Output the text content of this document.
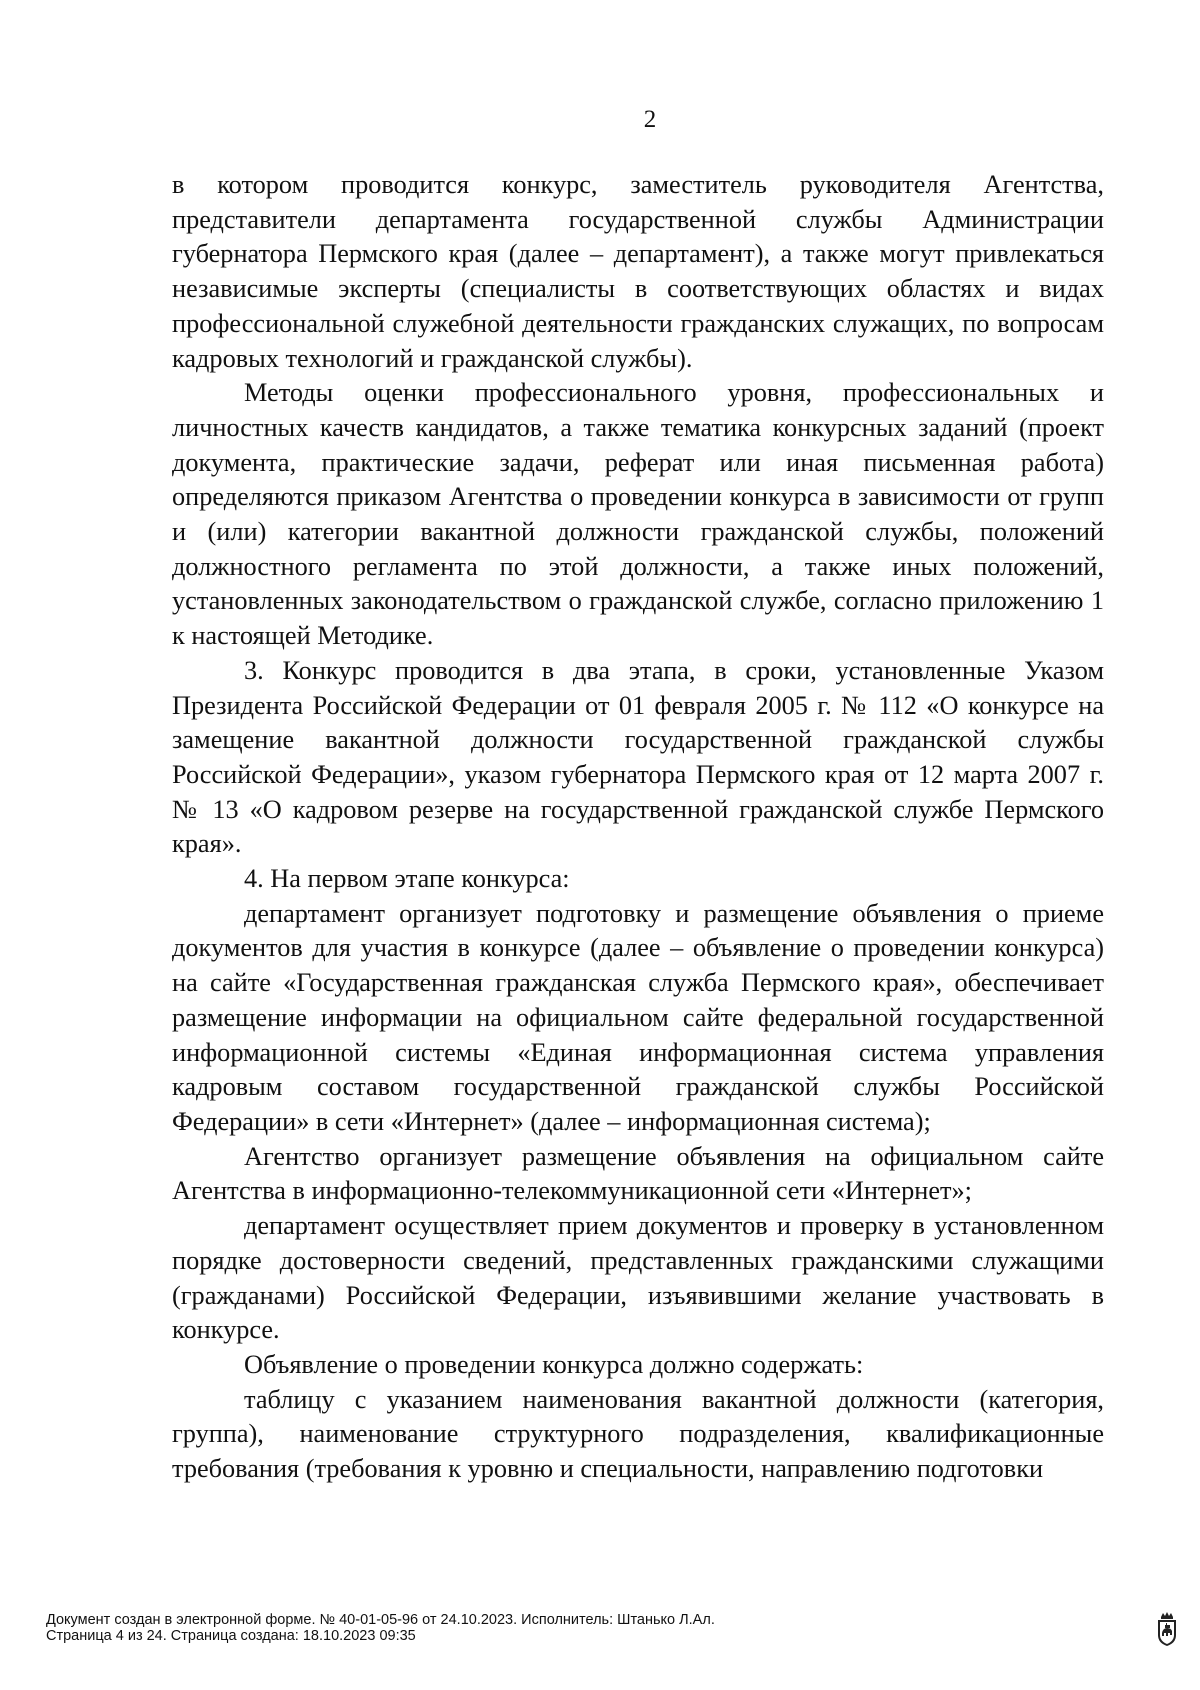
2

в котором проводится конкурс, заместитель руководителя Агентства, представители департамента государственной службы Администрации губернатора Пермского края (далее – департамент), а также могут привлекаться независимые эксперты (специалисты в соответствующих областях и видах профессиональной служебной деятельности гражданских служащих, по вопросам кадровых технологий и гражданской службы).

Методы оценки профессионального уровня, профессиональных и личностных качеств кандидатов, а также тематика конкурсных заданий (проект документа, практические задачи, реферат или иная письменная работа) определяются приказом Агентства о проведении конкурса в зависимости от групп и (или) категории вакантной должности гражданской службы, положений должностного регламента по этой должности, а также иных положений, установленных законодательством о гражданской службе, согласно приложению 1 к настоящей Методике.

3. Конкурс проводится в два этапа, в сроки, установленные Указом Президента Российской Федерации от 01 февраля 2005 г. № 112 «О конкурсе на замещение вакантной должности государственной гражданской службы Российской Федерации», указом губернатора Пермского края от 12 марта 2007 г. № 13 «О кадровом резерве на государственной гражданской службе Пермского края».

4. На первом этапе конкурса:

департамент организует подготовку и размещение объявления о приеме документов для участия в конкурсе (далее – объявление о проведении конкурса) на сайте «Государственная гражданская служба Пермского края», обеспечивает размещение информации на официальном сайте федеральной государственной информационной системы «Единая информационная система управления кадровым составом государственной гражданской службы Российской Федерации» в сети «Интернет» (далее – информационная система);

Агентство организует размещение объявления на официальном сайте Агентства в информационно-телекоммуникационной сети «Интернет»;

департамент осуществляет прием документов и проверку в установленном порядке достоверности сведений, представленных гражданскими служащими (гражданами) Российской Федерации, изъявившими желание участвовать в конкурсе.

Объявление о проведении конкурса должно содержать:

таблицу с указанием наименования вакантной должности (категория, группа), наименование структурного подразделения, квалификационные требования (требования к уровню и специальности, направлению подготовки

Документ создан в электронной форме. № 40-01-05-96 от 24.10.2023. Исполнитель: Штанько Л.Ал.
Страница 4 из 24. Страница создана: 18.10.2023 09:35
